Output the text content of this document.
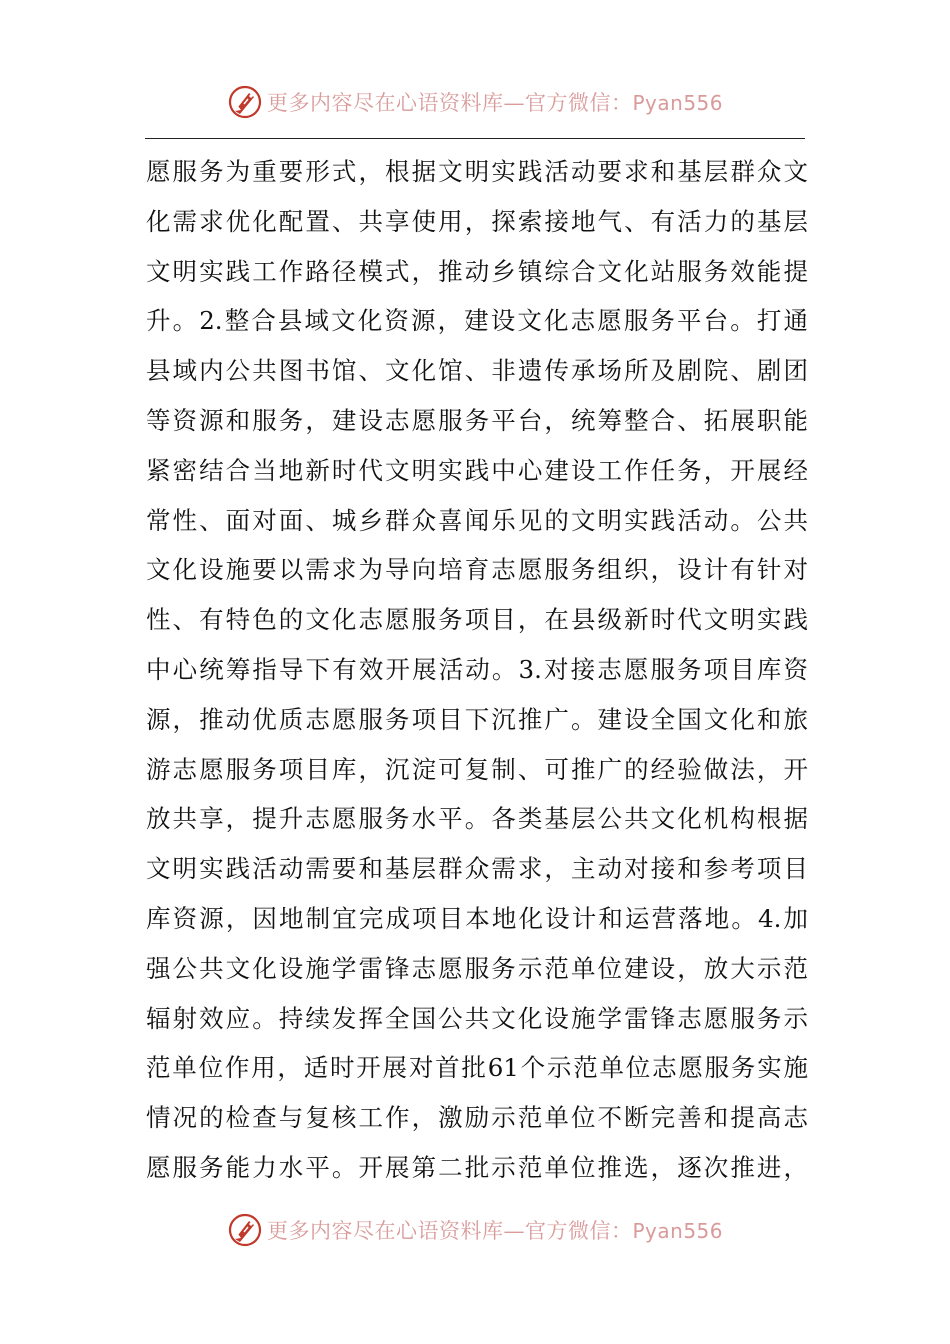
更多内容尽在心语资料库—官方微信：Pyan556
愿服务为重要形式，根据文明实践活动要求和基层群众文
化需求优化配置、共享使用，探索接地气、有活力的基层
文明实践工作路径模式，推动乡镇综合文化站服务效能提
升。2.整合县域文化资源，建设文化志愿服务平台。打通
县域内公共图书馆、文化馆、非遗传承场所及剧院、剧团
等资源和服务，建设志愿服务平台，统筹整合、拓展职能
紧密结合当地新时代文明实践中心建设工作任务，开展经
常性、面对面、城乡群众喜闻乐见的文明实践活动。公共
文化设施要以需求为导向培育志愿服务组织，设计有针对
性、有特色的文化志愿服务项目，在县级新时代文明实践
中心统筹指导下有效开展活动。3.对接志愿服务项目库资
源，推动优质志愿服务项目下沉推广。建设全国文化和旅
游志愿服务项目库，沉淀可复制、可推广的经验做法，开
放共享，提升志愿服务水平。各类基层公共文化机构根据
文明实践活动需要和基层群众需求，主动对接和参考项目
库资源，因地制宜完成项目本地化设计和运营落地。4.加
强公共文化设施学雷锋志愿服务示范单位建设，放大示范
辐射效应。持续发挥全国公共文化设施学雷锋志愿服务示
范单位作用，适时开展对首批61个示范单位志愿服务实施
情况的检查与复核工作，激励示范单位不断完善和提高志
愿服务能力水平。开展第二批示范单位推选，逐次推进，
更多内容尽在心语资料库—官方微信：Pyan556
